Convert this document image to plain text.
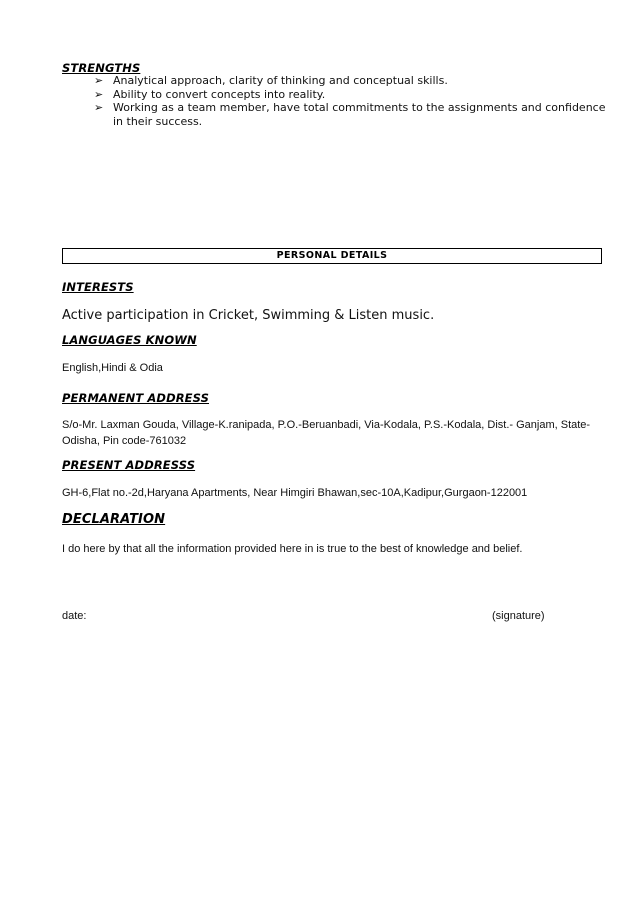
STRENGTHS
➢ Analytical approach, clarity of thinking and conceptual skills.
➢ Ability to convert concepts into reality.
➢ Working as a team member, have total commitments to the assignments and confidence in their success.
PERSONAL DETAILS
INTERESTS
Active participation in Cricket, Swimming & Listen music.
LANGUAGES KNOWN
English,Hindi & Odia
PERMANENT ADDRESS
S/o-Mr. Laxman Gouda, Village-K.ranipada, P.O.-Beruanbadi, Via-Kodala, P.S.-Kodala, Dist.- Ganjam, State-
Odisha, Pin code-761032
PRESENT ADDRESSS
GH-6,Flat no.-2d,Haryana Apartments, Near Himgiri Bhawan,sec-10A,Kadipur,Gurgaon-122001
DECLARATION
I do here by that all the information provided here in is true to the best of knowledge and belief.
date:	(signature)
